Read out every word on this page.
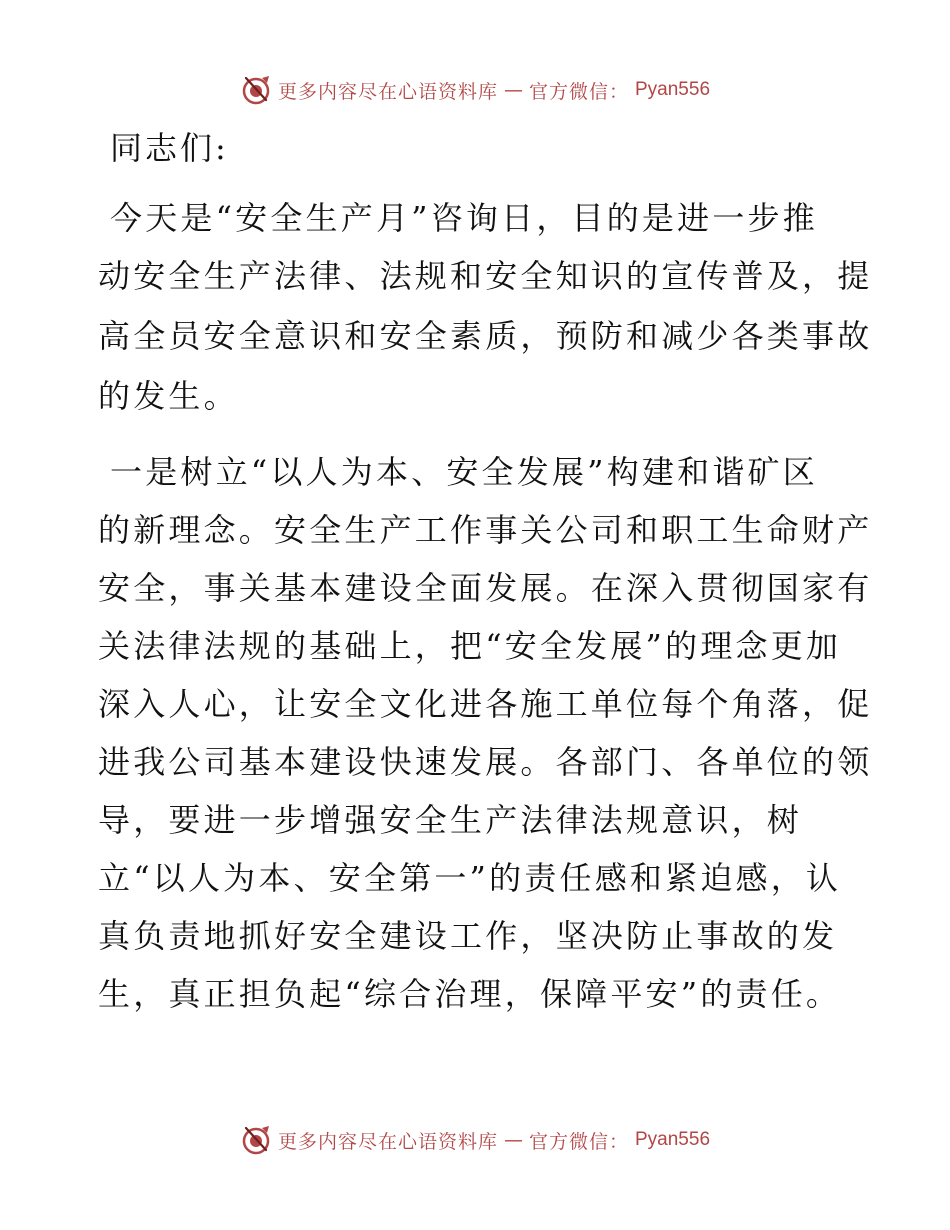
更多内容尽在心语资料库 — 官方微信： Pyan556
同志们:
今天是“安全生产月”咨询日，目的是进一步推
动安全生产法律、法规和安全知识的宣传普及，提
高全员安全意识和安全素质，预防和减少各类事故
的发生。
一是树立“以人为本、安全发展”构建和谐矿区
的新理念。安全生产工作事关公司和职工生命财产
安全，事关基本建设全面发展。在深入贯彻国家有
关法律法规的基础上，把“安全发展”的理念更加
深入人心，让安全文化进各施工单位每个角落，促
进我公司基本建设快速发展。各部门、各单位的领
导，要进一步增强安全生产法律法规意识，树
立“以人为本、安全第一”的责任感和紧迫感，认
真负责地抓好安全建设工作，坚决防止事故的发
生，真正担负起“综合治理，保障平安”的责任。
更多内容尽在心语资料库 — 官方微信： Pyan556
